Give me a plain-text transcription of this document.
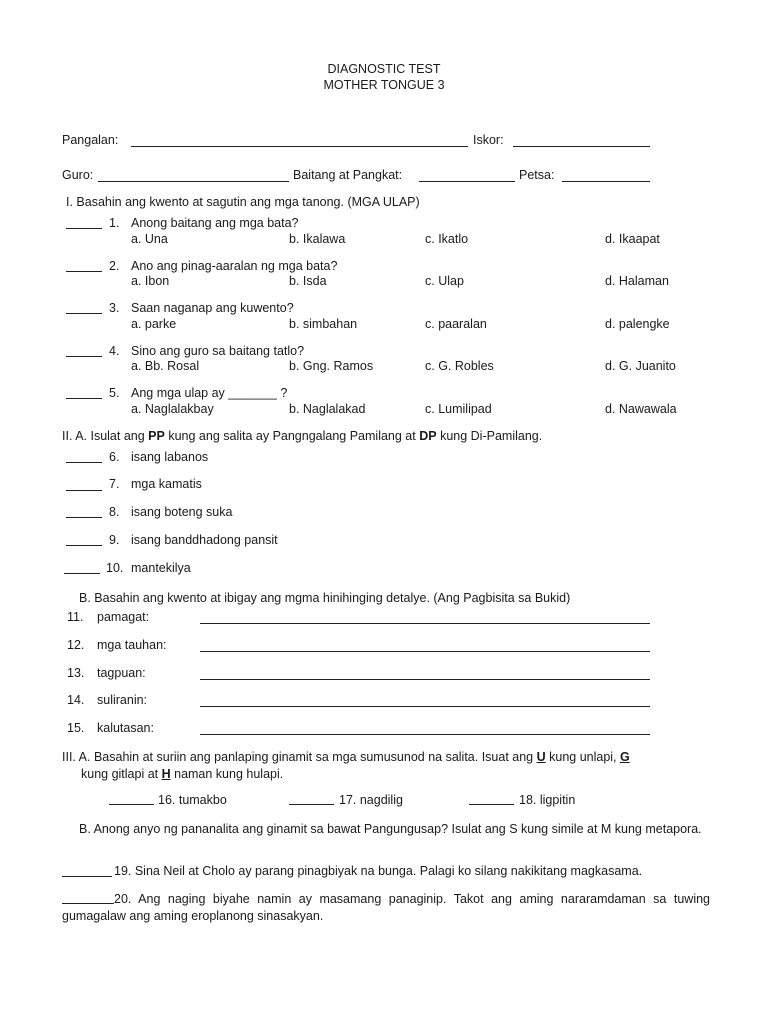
DIAGNOSTIC TEST
MOTHER TONGUE 3
Pangalan:	Iskor:
Guro:	Baitang at Pangkat:	Petsa:
I. Basahin ang kwento at sagutin ang mga tanong. (MGA ULAP)
1. Anong baitang ang mga bata?
a. Una	b. Ikalawa	c. Ikatlo	d. Ikaapat
2. Ano ang pinag-aaralan ng mga bata?
a. Ibon	b. Isda	c. Ulap	d. Halaman
3. Saan naganap ang kuwento?
a. parke	b. simbahan	c. paaralan	d. palengke
4. Sino ang guro sa baitang tatlo?
a. Bb. Rosal	b. Gng. Ramos	c. G. Robles	d. G. Juanito
5. Ang mga ulap ay _______ ?
a. Naglalakbay	b. Naglalakad	c. Lumilipad	d. Nawawala
II. A. Isulat ang PP kung ang salita ay Pangngalang Pamilang at DP kung Di-Pamilang.
6. isang labanos
7. mga kamatis
8. isang boteng suka
9. isang banddhadong pansit
10. mantekilya
B. Basahin ang kwento at ibigay ang mgma hinihinging detalye. (Ang Pagbisita sa Bukid)
11. pamagat:
12. mga tauhan:
13. tagpuan:
14. suliranin:
15. kalutasan:
III. A. Basahin at suriin ang panlaping ginamit sa mga sumusunod na salita. Isuat ang U kung unlapi, G
kung gitlapi at H naman kung hulapi.
16. tumakbo	17. nagdilig	18. ligpitin
B. Anong anyo ng pananalita ang ginamit sa bawat Pangungusap? Isulat ang S kung simile at M kung metapora.
19. Sina Neil at Cholo ay parang pinagbiyak na bunga. Palagi ko silang nakikitang magkasama.
20. Ang naging biyahe namin ay masamang panaginip. Takot ang aming nararamdaman sa tuwing gumagalaw ang aming eroplanong sinasakyan.
